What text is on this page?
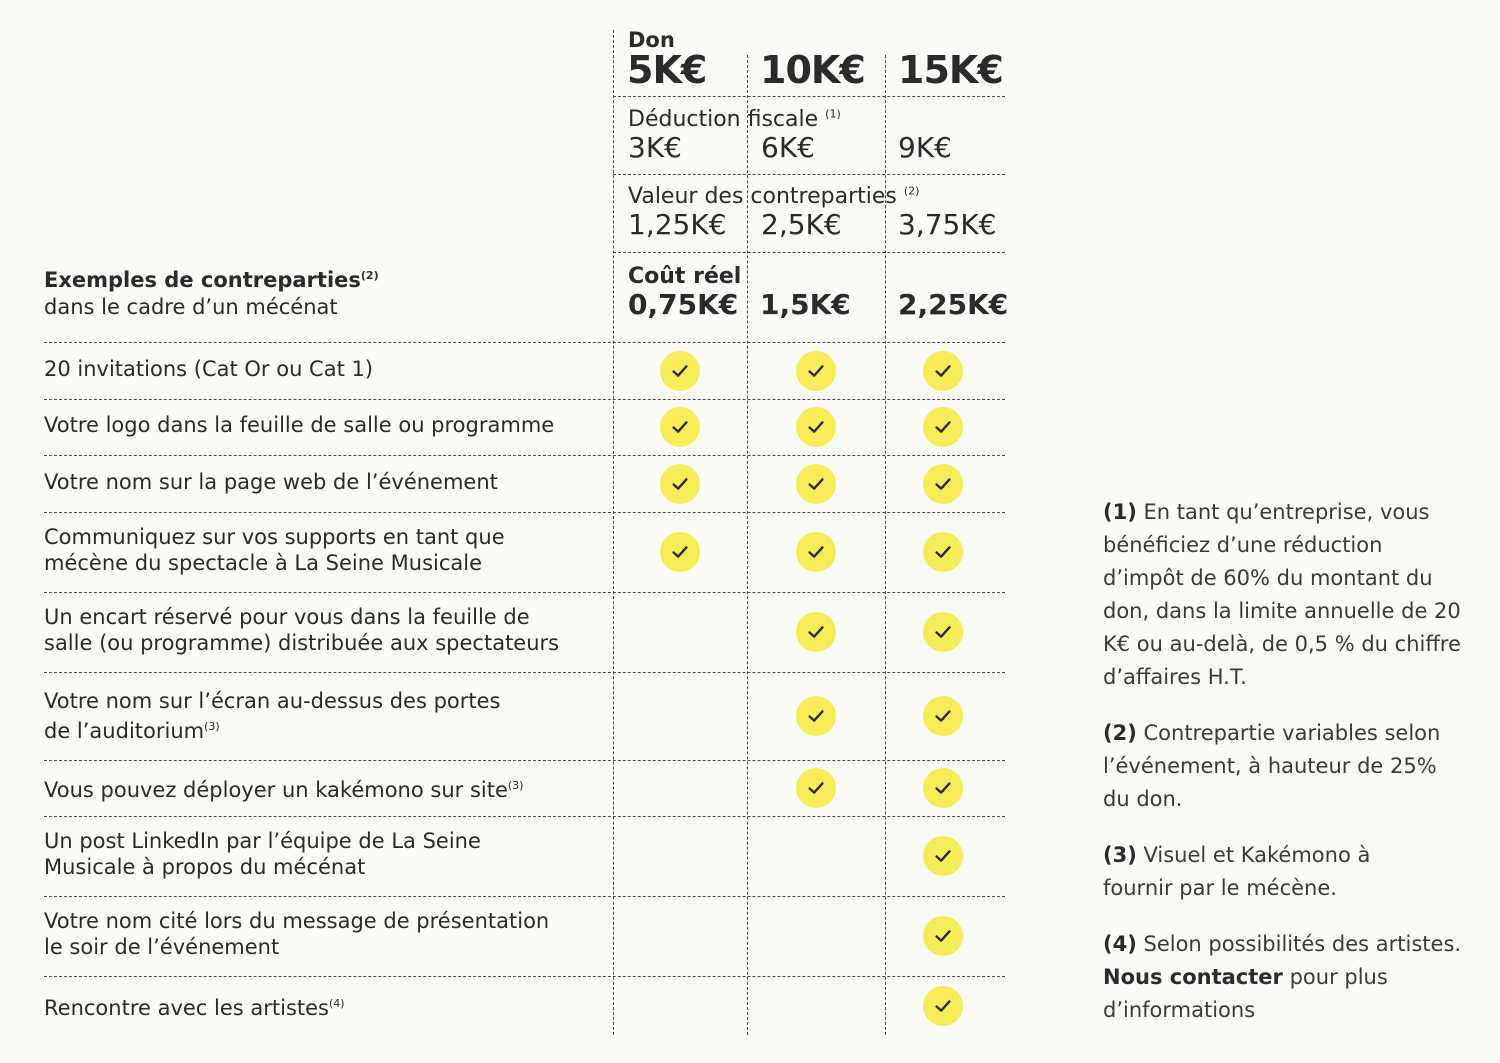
Don
5K€ 10K€ 15K€
Déduction fiscale $^{(1)}$
3K€	6K€	9K€
Valeur des contreparties $^{(2)}$
1,25K€ 2,5K€ 3,75K€
Coût réel
0,75K€ 1,5K€ 2,25K€
Exemples de contreparties$^{(2)}$
dans le cadre d’un mécénat
20 invitations (Cat Or ou Cat 1)
Votre logo dans la feuille de salle ou programme
Votre nom sur la page web de l’événement
Communiquez sur vos supports en tant que
mécène du spectacle à La Seine Musicale
Un encart réservé pour vous dans la feuille de
salle (ou programme) distribuée aux spectateurs
Votre nom sur l’écran au-dessus des portes
de l’auditorium$^{(3)}$
Vous pouvez déployer un kakémono sur site$^{(3)}$
Un post LinkedIn par l’équipe de La Seine
Musicale à propos du mécénat
Votre nom cité lors du message de présentation
le soir de l’événement
Rencontre avec les artistes$^{(4)}$
(1) En tant qu’entreprise, vous bénéficiez d’une réduction d’impôt de 60% du montant du don, dans la limite annuelle de 20 K€ ou au-delà, de 0,5 % du chiffre d’affaires H.T.
(2) Contrepartie variables selon l’événement, à hauteur de 25% du don.
(3) Visuel et Kakémono à fournir par le mécène.
(4) Selon possibilités des artistes. Nous contacter pour plus d’informations
